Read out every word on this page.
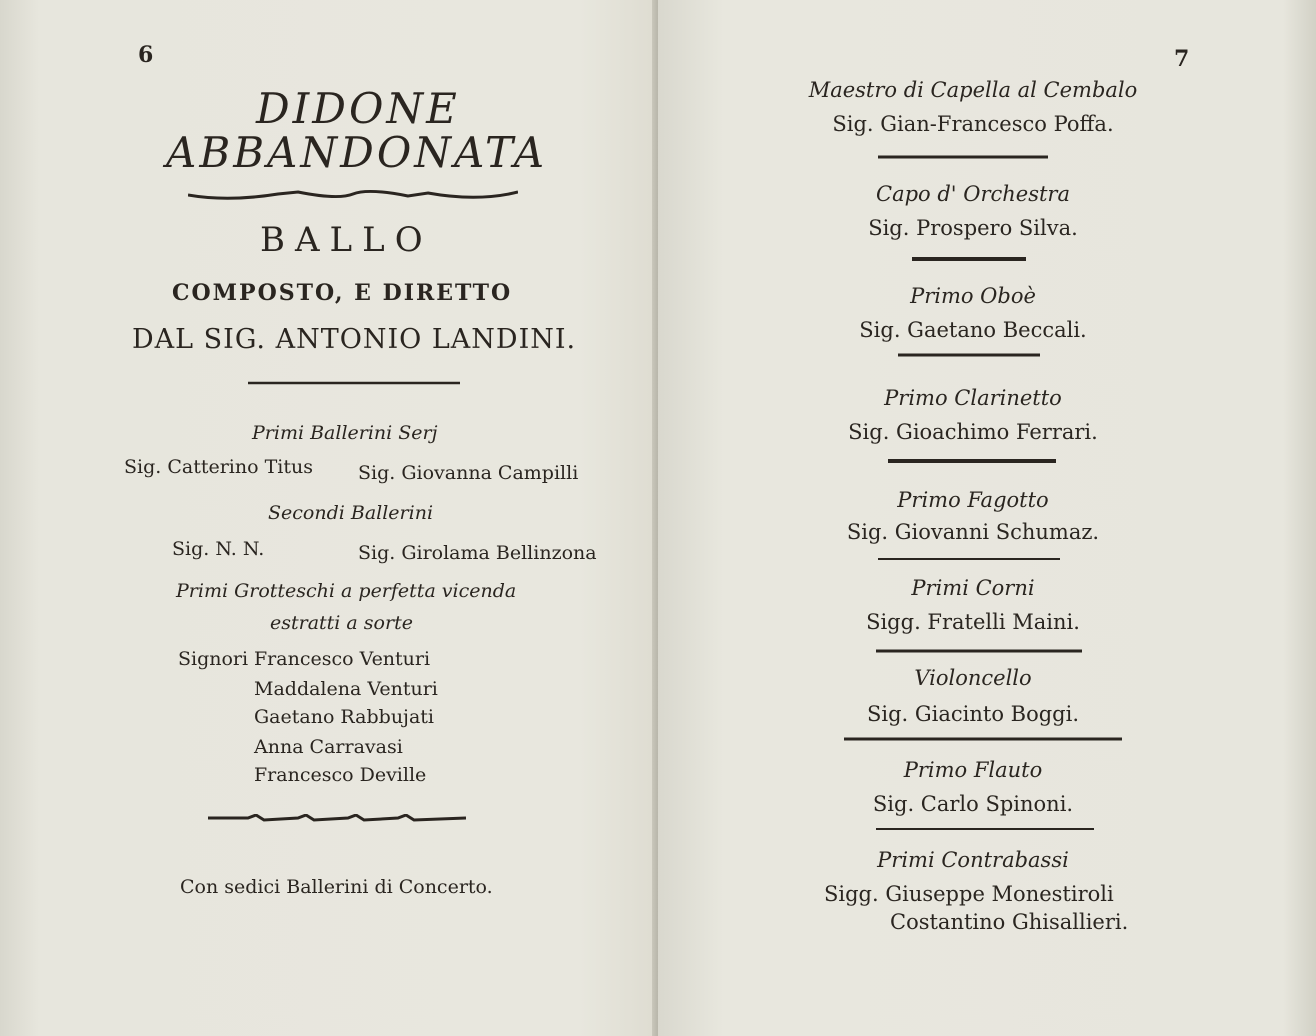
6
DIDONE
ABBANDONATA
BALLO
COMPOSTO, E DIRETTO
DAL SIG. ANTONIO LANDINI.
Primi Ballerini Serj
Sig. Catterino Titus Sig. Giovanna Campilli
Secondi Ballerini
Sig. N. N.	Sig. Girolama Bellinzona
Primi Grotteschi a perfetta vicenda
estratti a sorte
Signori Francesco Venturi
Maddalena Venturi
Gaetano Rabbujati
Anna Carravasi
Francesco Deville
Con sedici Ballerini di Concerto.
7
Maestro di Capella al Cembalo
Sig. Gian-Francesco Poffa.
Capo d' Orchestra
Sig. Prospero Silva.
Primo Oboè
Sig. Gaetano Beccali.
Primo Clarinetto
Sig. Gioachimo Ferrari.
Primo Fagotto
Sig. Giovanni Schumaz.
Primi Corni
Sigg. Fratelli Maini.
Violoncello
Sig. Giacinto Boggi.
Primo Flauto
Sig. Carlo Spinoni.
Primi Contrabassi
Sigg. Giuseppe Monestiroli
Costantino Ghisallieri.
